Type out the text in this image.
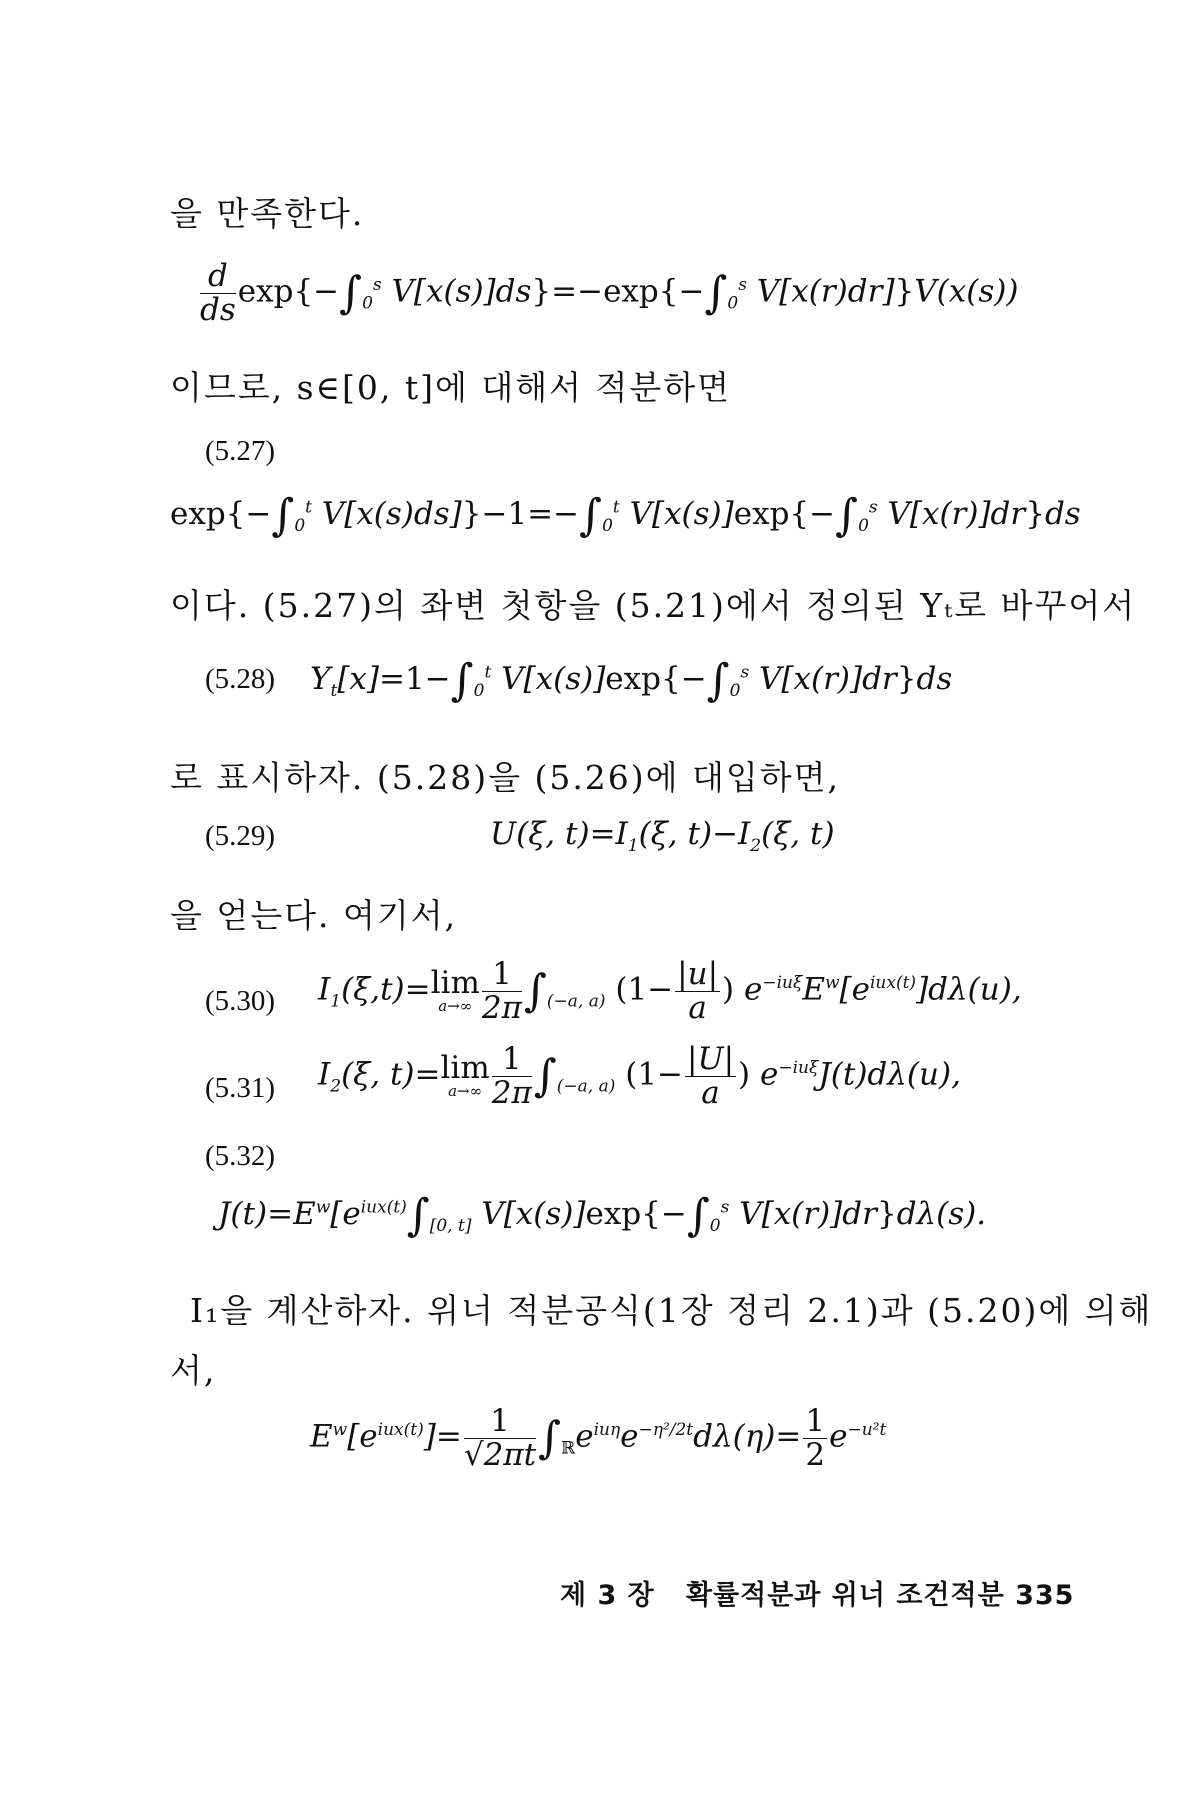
을 만족한다.
$\frac{d}{ds} \exp\{-\int_0^s$ $V[x(s)]ds\}=-\exp\{-\int_0^s$ V[x(r)dr]}V(x(s))
이므로, s∈[0, t]에 대해서 적분하면
(5.27)
$\exp\{-\int_0^t$ $V[x(s)ds]\}-1=-\int_0^t$ $V[x(s)]\exp\{-\int_0^s$ V[x(r)]dr}ds
이다. (5.27)의 좌변 첫항을 (5.21)에서 정의된 Yₜ로 바꾸어서
(5.28) $Y_t[x]=1-\int_0^t$ $V[x(s)]\exp\{-\int_0^s$ V[x(r)]dr}ds
로 표시하자. (5.28)을 (5.26)에 대입하면,
(5.29)	U(ξ, $t)=I_1(\xi$, $t)-I_2(\xi$, t)
을 얻는다. 여기서,
(5.30) $I_1(\xi,t)= \lim$
$a\to\infty \frac{1}{2\pi} \int_{(-a, a)}$ ($1- \frac{|u|}{a}$ ) $e^{-iu\xi}E^w[e^{iux(t)}]d\lambda(u)$,
(5.31) $I_2(\xi$, t)= lim
$a\to\infty \frac{1}{2\pi} \int_{(-a, a)}$ ($1- \frac{|U|}{a}$ ) $e^{-iu\xi}J(t)d\lambda(u)$,
(5.32)
$J(t)=E^w[e^{iux(t)}\int_{[0, t]}$ $V[x(s)]\exp\{-\int_0^s$ V[x(r)]dr}dλ(s).
I₁을 계산하자. 위너 적분공식(1장 정리 2.1)과 (5.20)에 의해
서,
$E^w[e^{iux(t)}]= \frac{1}{√2\pi t} \int_ℝe^{iu\eta}e^{-\eta^2/2t}d\lambda(\eta)= \frac{1}{2} e^{-u^2t}$
제 3 장 확률적분과 위너 조건적분 335
